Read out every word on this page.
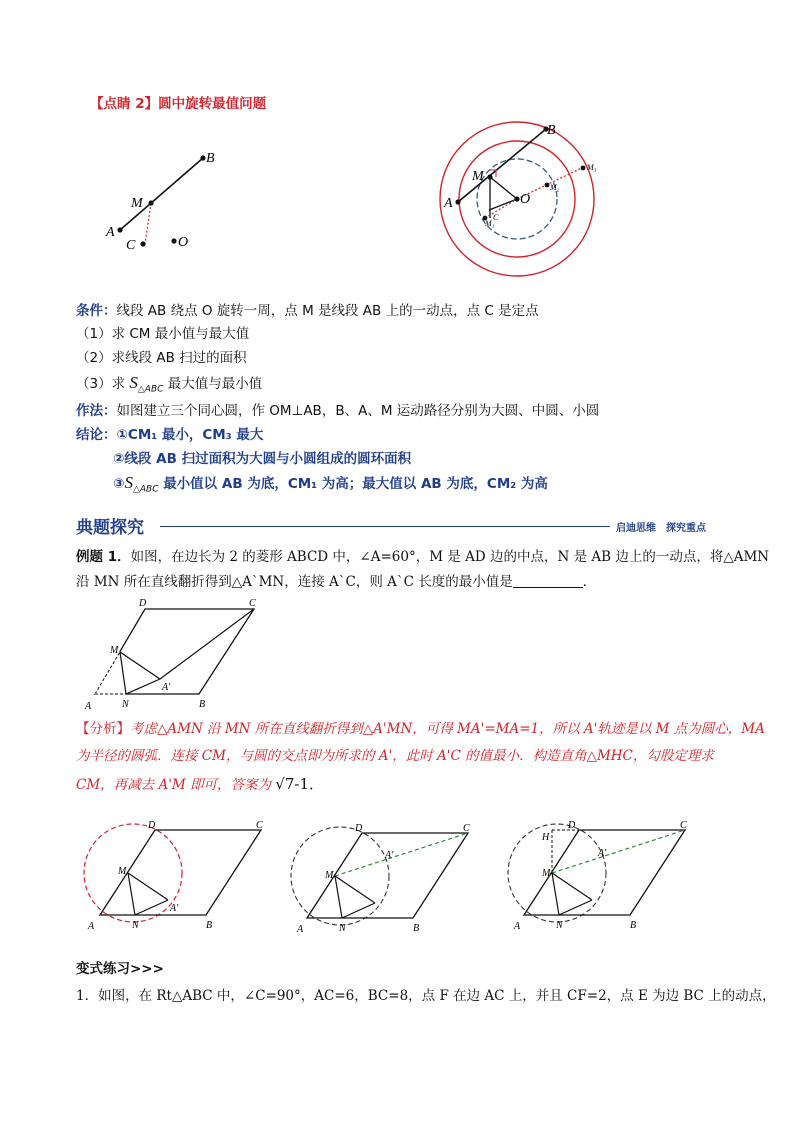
【点睛 2】圆中旋转最值问题
B
A
M
C	O
A
B
M
O
M₁
C
M₂
M₃
条件：线段 AB 绕点 O 旋转一周，点 M 是线段 AB 上的一动点，点 C 是定点
（1）求 CM 最小值与最大值
（2）求线段 AB 扫过的面积
（3）求 $S_{\triangle ABC}$ 最大值与最小值
作法：如图建立三个同心圆，作 OM⊥AB，B、A、M 运动路径分别为大圆、中圆、小圆
结论：①CM₁ 最小，CM₃ 最大
②线段 AB 扫过面积为大圆与小圆组成的圆环面积
$③S_{\triangle ABC}$ 最小值以 AB 为底，CM₁ 为高；最大值以 AB 为底，CM₂ 为高
典题探究	启迪思维　探究重点
例题 1．如图，在边长为 2 的菱形 ABCD 中，∠A=60°，M 是 AD 边的中点，N 是 AB 边上的一动点，将△AMN
沿 MN 所在直线翻折得到△A`MN，连接 A`C，则 A`C 长度的最小值是	．
A	B
C
D
M
N
A'
【分析】考虑△AMN 沿 MN 所在直线翻折得到△A'MN，可得 MA'=MA=1，所以 A'轨迹是以 M 点为圆心，MA
为半径的圆弧．连接 CM，与圆的交点即为所求的 A'，此时 A'C 的值最小．构造直角△MHC，勾股定理求
CM，再减去 A'M 即可，答案为 √7-1．
A	B
C
D
M
N
A'
A	B
C
D
M
N
A'
A	B
C
D
H
M
N
A'
变式练习>>>
1．如图，在 Rt△ABC 中，∠C=90°，AC=6，BC=8，点 F 在边 AC 上，并且 CF=2，点 E 为边 BC 上的动点，
